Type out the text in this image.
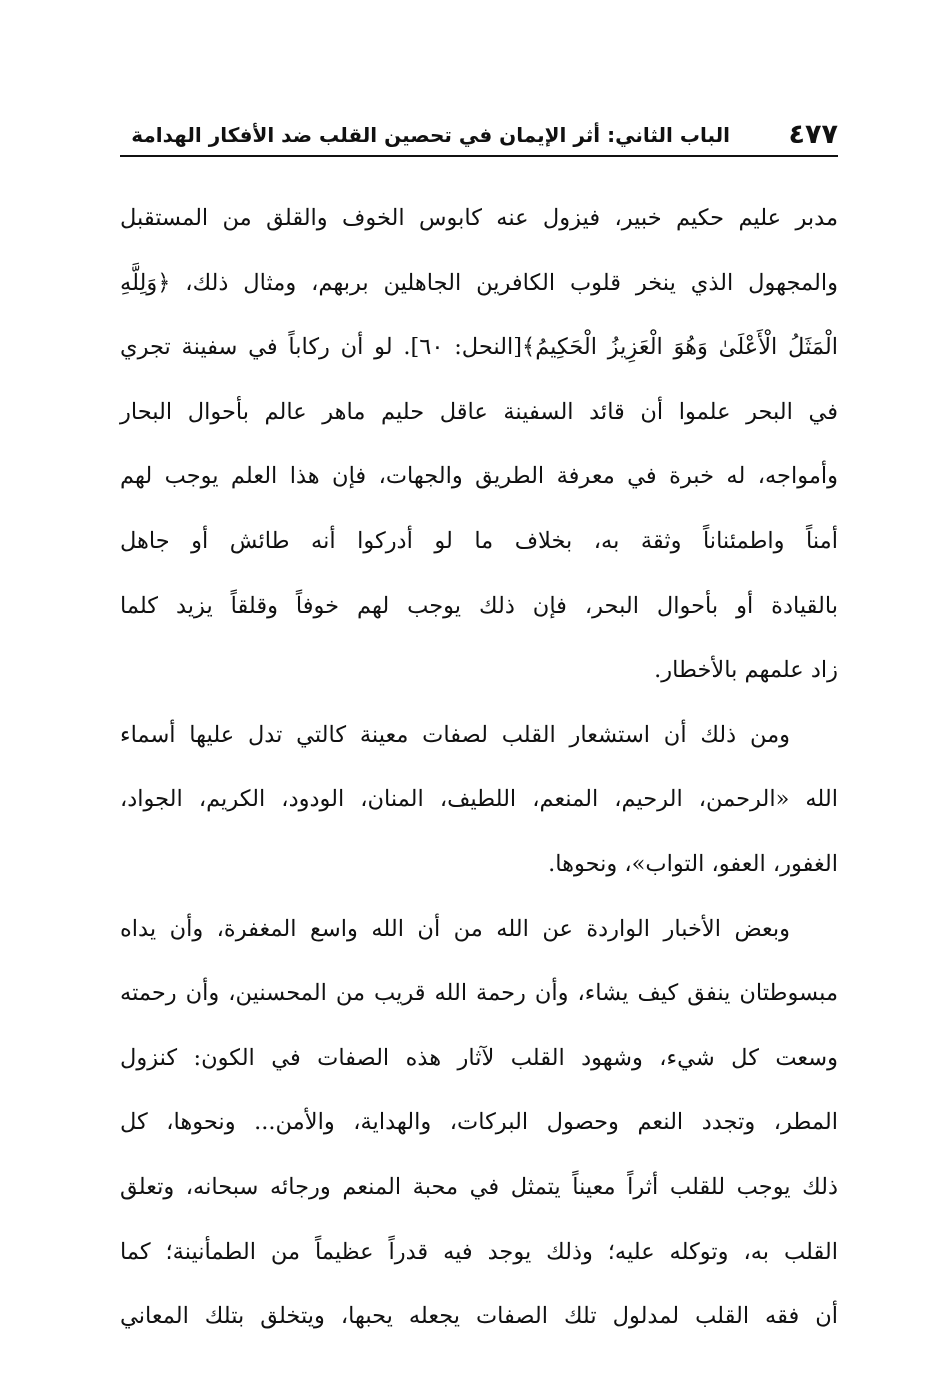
٤٧٧
الباب الثاني: أثر الإيمان في تحصين القلب ضد الأفكار الهدامة
مدبر عليم حكيم خبير، فيزول عنه كابوس الخوف والقلق من المستقبل
والمجهول الذي ينخر قلوب الكافرين الجاهلين بربهم، ومثال ذلك، ﴿وَلِلَّهِ
الْمَثَلُ الْأَعْلَىٰ وَهُوَ الْعَزِيزُ الْحَكِيمُ﴾[النحل: ٦٠]. لو أن ركاباً في سفينة تجري
في البحر علموا أن قائد السفينة عاقل حليم ماهر عالم بأحوال البحار
وأمواجه، له خبرة في معرفة الطريق والجهات، فإن هذا العلم يوجب لهم
أمناً واطمئناناً وثقة به، بخلاف ما لو أدركوا أنه طائش أو جاهل
بالقيادة أو بأحوال البحر، فإن ذلك يوجب لهم خوفاً وقلقاً يزيد كلما
زاد علمهم بالأخطار.
ومن ذلك أن استشعار القلب لصفات معينة كالتي تدل عليها أسماء
الله «الرحمن، الرحيم، المنعم، اللطيف، المنان، الودود، الكريم، الجواد،
الغفور، العفو، التواب»، ونحوها.
وبعض الأخبار الواردة عن الله من أن الله واسع المغفرة، وأن يداه
مبسوطتان ينفق كيف يشاء، وأن رحمة الله قريب من المحسنين، وأن رحمته
وسعت كل شيء، وشهود القلب لآثار هذه الصفات في الكون: كنزول
المطر، وتجدد النعم وحصول البركات، والهداية، والأمن... ونحوها، كل
ذلك يوجب للقلب أثراً معيناً يتمثل في محبة المنعم ورجائه سبحانه، وتعلق
القلب به، وتوكله عليه؛ وذلك يوجد فيه قدراً عظيماً من الطمأنينة؛ كما
أن فقه القلب لمدلول تلك الصفات يجعله يحبها، ويتخلق بتلك المعاني
